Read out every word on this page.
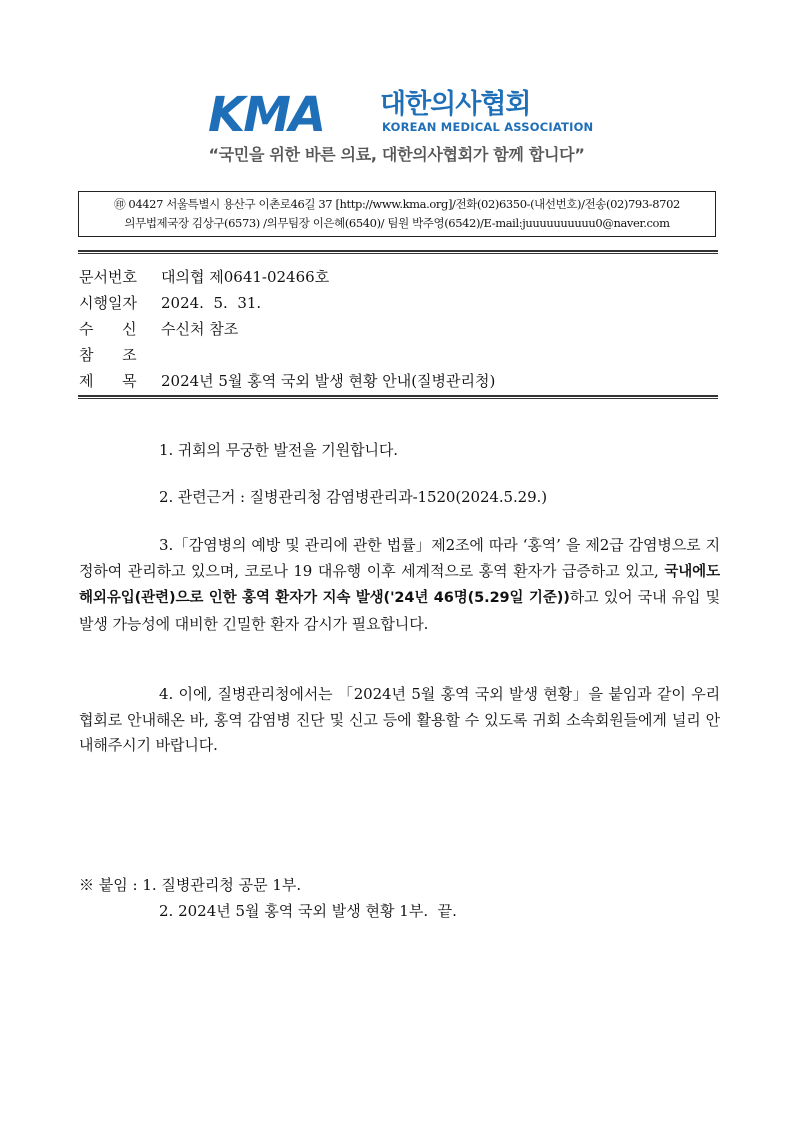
KMA 대한의사협회
KOREAN MEDICAL ASSOCIATION
“국민을 위한 바른 의료, 대한의사협회가 함께 합니다”
㊞ 04427 서울특별시 용산구 이촌로46길 37 [http://www.kma.org]/전화(02)6350-(내선번호)/전송(02)793-8702
의무법제국장 김상구(6573) /의무팀장 이은혜(6540)/ 팀원 박주영(6542)/E-mail:juuuuuuuuuu0@naver.com
문서번호 대의협 제0641-02466호
시행일자 2024.  5.  31.
수      신 수신처 참조
참      조
제      목 2024년 5월 홍역 국외 발생 현황 안내(질병관리청)
1. 귀회의 무궁한 발전을 기원합니다.
2. 관련근거 : 질병관리청 감염병관리과-1520(2024.5.29.)
3.「감염병의 예방 및 관리에 관한 법률」제2조에 따라 ‘홍역’ 을 제2급 감염병으로 지정하여 관리하고 있으며, 코로나 19 대유행 이후 세계적으로 홍역 환자가 급증하고 있고, 국내에도 해외유입(관련)으로 인한 홍역 환자가 지속 발생('24년 46명(5.29일 기준))하고 있어 국내 유입 및 발생 가능성에 대비한 긴밀한 환자 감시가 필요합니다.
4. 이에, 질병관리청에서는 「2024년 5월 홍역 국외 발생 현황」을 붙임과 같이 우리협회로 안내해온 바, 홍역 감염병 진단 및 신고 등에 활용할 수 있도록 귀회 소속회원들에게 널리 안내해주시기 바랍니다.
※ 붙임 : 1. 질병관리청 공문 1부.
2. 2024년 5월 홍역 국외 발생 현황 1부.  끝.
